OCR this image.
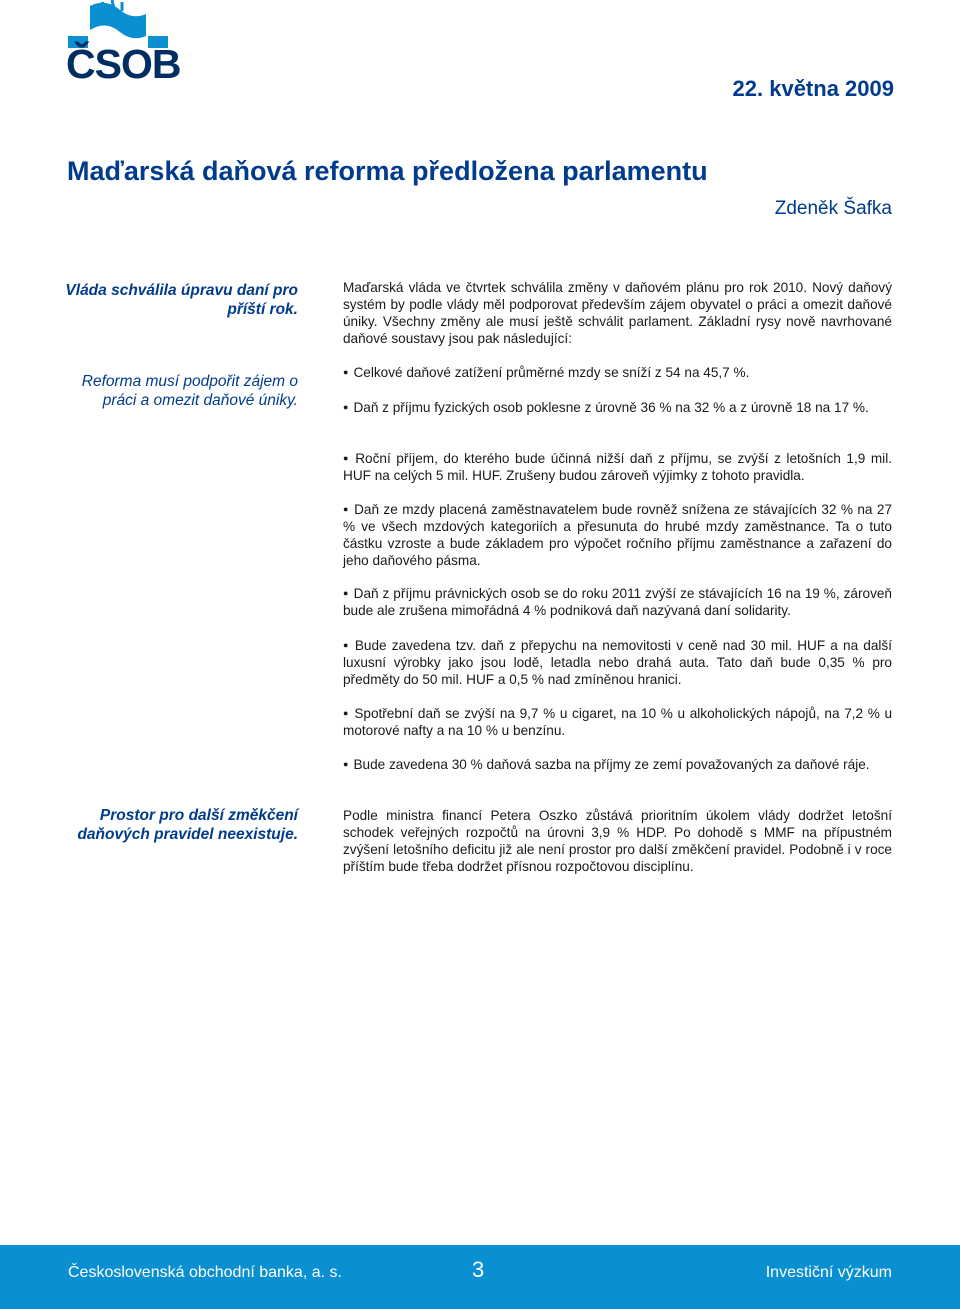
ČSOB
22. května 2009
Maďarská daňová reforma předložena parlamentu
Zdeněk Šafka
Vláda schválila úpravu daní pro příští rok.
Reforma musí podpořit zájem o práci a omezit daňové úniky.
Prostor pro další změkčení daňových pravidel neexistuje.

Maďarská vláda ve čtvrtek schválila změny v daňovém plánu pro rok 2010. Nový daňový systém by podle vlády měl podporovat především zájem obyvatel o práci a omezit daňové úniky. Všechny změny ale musí ještě schválit parlament. Základní rysy nově navrhované daňové soustavy jsou pak následující:

● Celkové daňové zatížení průměrné mzdy se sníží z 54 na 45,7 %.

● Daň z příjmu fyzických osob poklesne z úrovně 36 % na 32 % a z úrovně 18 na 17 %.

● Roční příjem, do kterého bude účinná nižší daň z příjmu, se zvýší z letošních 1,9 mil. HUF na celých 5 mil. HUF. Zrušeny budou zároveň výjimky z tohoto pravidla.

● Daň ze mzdy placená zaměstnavatelem bude rovněž snížena ze stávajících 32 % na 27 % ve všech mzdových kategoriích a přesunuta do hrubé mzdy zaměstnance. Ta o tuto částku vzroste a bude základem pro výpočet ročního příjmu zaměstnance a zařazení do jeho daňového pásma.

● Daň z příjmu právnických osob se do roku 2011 zvýší ze stávajících 16 na 19 %, zároveň bude ale zrušena mimořádná 4 % podniková daň nazývaná daní solidarity.

● Bude zavedena tzv. daň z přepychu na nemovitosti v ceně nad 30 mil. HUF a na další luxusní výrobky jako jsou lodě, letadla nebo drahá auta. Tato daň bude 0,35 % pro předměty do 50 mil. HUF a 0,5 % nad zmíněnou hranici.

● Spotřební daň se zvýší na 9,7 % u cigaret, na 10 % u alkoholických nápojů, na 7,2 % u motorové nafty a na 10 % u benzínu.

● Bude zavedena 30 % daňová sazba na příjmy ze zemí považovaných za daňové ráje.

Podle ministra financí Petera Oszko zůstává prioritním úkolem vlády dodržet letošní schodek veřejných rozpočtů na úrovni 3,9 % HDP. Po dohodě s MMF na přípustném zvýšení letošního deficitu již ale není prostor pro další změkčení pravidel. Podobně i v roce příštím bude třeba dodržet přísnou rozpočtovou disciplínu.

Československá obchodní banka, a. s.	3	Investiční výzkum
